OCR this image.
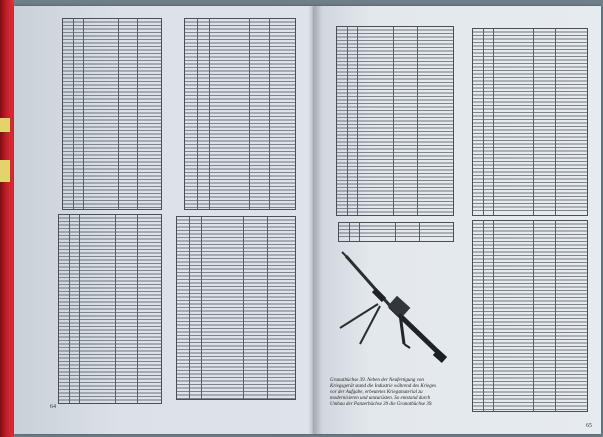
Granatbüchse 39. Neben der Neufertigung von
Kriegsgerät stand die Industrie während des Krieges
vor der Aufgabe, erbeutetes Kriegsmaterial zu
modernisieren und umzurüsten. So entstand durch
Umbau der Panzerbüchse 39 die Granatbüchse 39.
64
65
